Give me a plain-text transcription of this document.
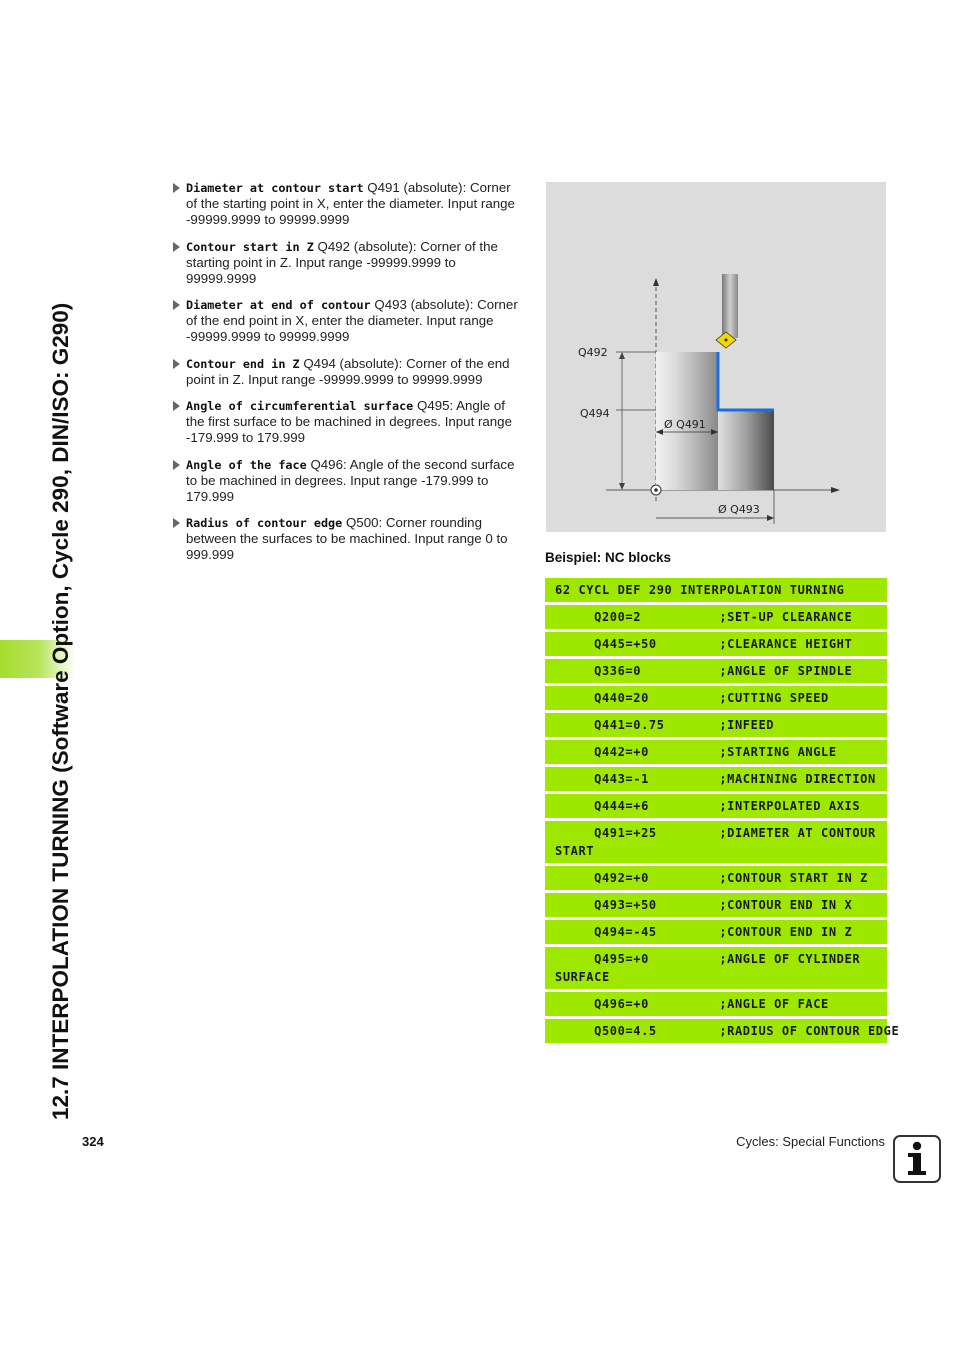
12.7 INTERPOLATION TURNING (Software Option, Cycle 290, DIN/ISO: G290)
Diameter at contour start Q491 (absolute): Corner of the starting point in X, enter the diameter. Input range -99999.9999 to 99999.9999
Contour start in Z Q492 (absolute): Corner of the starting point in Z. Input range -99999.9999 to 99999.9999
Diameter at end of contour Q493 (absolute): Corner of the end point in X, enter the diameter. Input range -99999.9999 to 99999.9999
Contour end in Z Q494 (absolute): Corner of the end point in Z. Input range -99999.9999 to 99999.9999
Angle of circumferential surface Q495: Angle of the first surface to be machined in degrees. Input range -179.999 to 179.999
Angle of the face Q496: Angle of the second surface to be machined in degrees. Input range -179.999 to 179.999
Radius of contour edge Q500: Corner rounding between the surfaces to be machined. Input range 0 to 999.999
Q492
Q494
Ø Q491
Ø Q493
Beispiel: NC blocks
62 CYCL DEF 290 INTERPOLATION TURNING
Q200=2          ;SET-UP CLEARANCE
Q445=+50        ;CLEARANCE HEIGHT
Q336=0          ;ANGLE OF SPINDLE
Q440=20         ;CUTTING SPEED
Q441=0.75       ;INFEED
Q442=+0         ;STARTING ANGLE
Q443=-1         ;MACHINING DIRECTION
Q444=+6         ;INTERPOLATED AXIS
Q491=+25        ;DIAMETER AT CONTOUR
START
Q492=+0         ;CONTOUR START IN Z
Q493=+50        ;CONTOUR END IN X
Q494=-45        ;CONTOUR END IN Z
Q495=+0         ;ANGLE OF CYLINDER
SURFACE
Q496=+0         ;ANGLE OF FACE
Q500=4.5        ;RADIUS OF CONTOUR EDGE
324	Cycles: Special Functions
